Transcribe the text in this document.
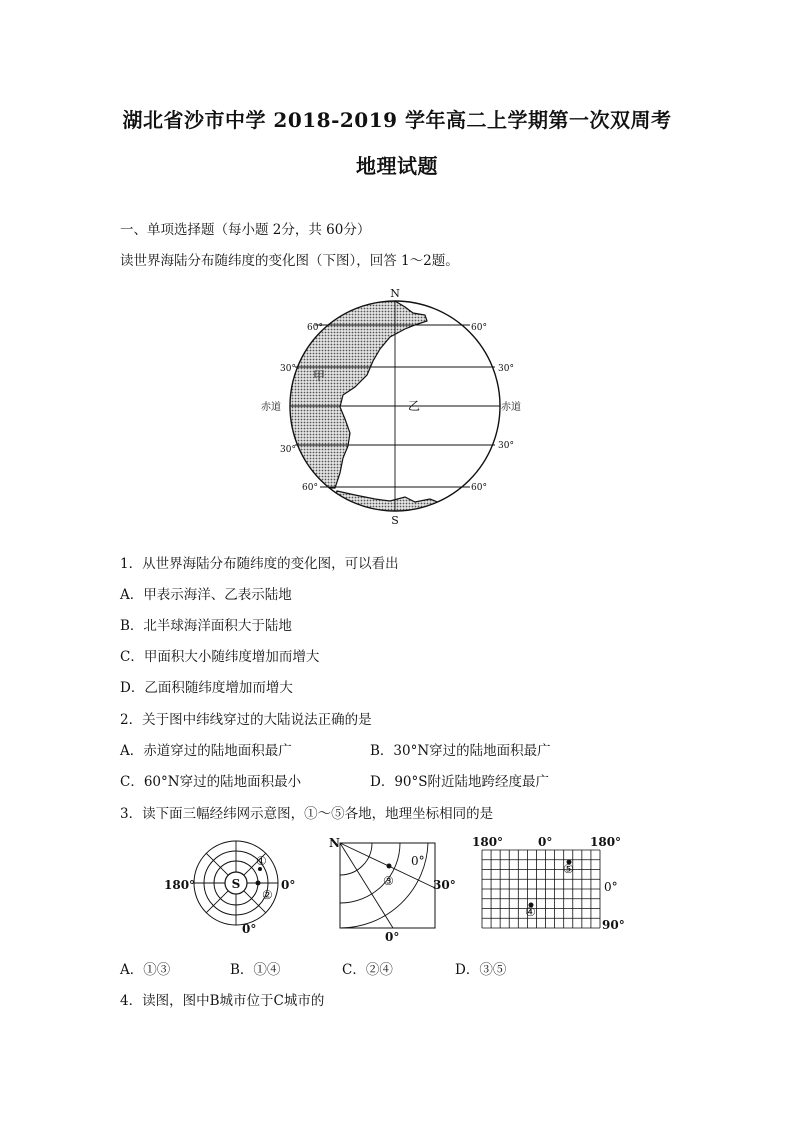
湖北省沙市中学 2018-2019 学年高二上学期第一次双周考
地理试题
一、单项选择题（每小题 2分，共 60分）
读世界海陆分布随纬度的变化图（下图），回答 1～2题。
N
S
60°	60°
30°	30°
赤道	赤道
30°	30°
60°	60°
甲
乙
1．从世界海陆分布随纬度的变化图，可以看出
A．甲表示海洋、乙表示陆地
B．北半球海洋面积大于陆地
C．甲面积大小随纬度增加而增大
D．乙面积随纬度增加而增大
2．关于图中纬线穿过的大陆说法正确的是
A．赤道穿过的陆地面积最广	B．30°N穿过的陆地面积最广
C．60°N穿过的陆地面积最小	D．90°S附近陆地跨经度最广
3．读下面三幅经纬网示意图，①～⑤各地，地理坐标相同的是
S
①
②
180°	0°
0°
N
0°
30°
③
0°
180°	0°	180°
0°
90°
⑤
④
A．①③	B．①④	C．②④	D．③⑤
4．读图，图中B城市位于C城市的
